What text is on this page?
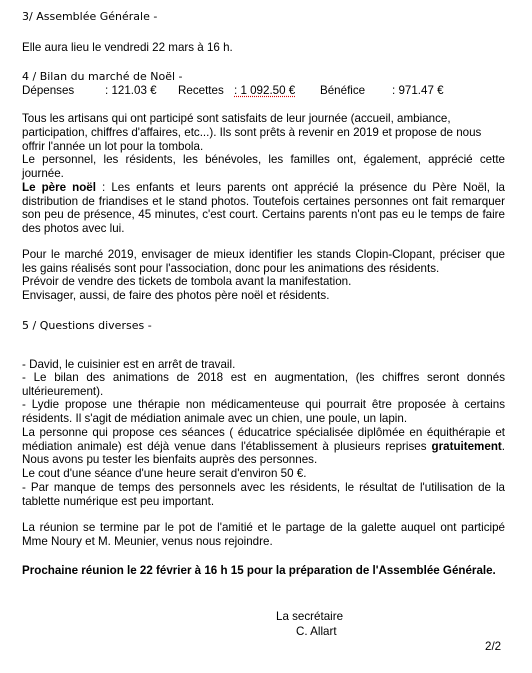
3/ Assemblée Générale -
Elle aura lieu le vendredi 22 mars à 16 h.
4 / Bilan du marché de Noël -
Dépenses	: 121.03 € Recettes : 1 092.50 € Bénéfice : 971.47 €
Tous les artisans qui ont participé sont satisfaits de leur journée (accueil, ambiance,
participation, chiffres d'affaires, etc...). Ils sont prêts à revenir en 2019 et propose de nous
offrir l'année un lot pour la tombola.
Le personnel, les résidents, les bénévoles, les familles ont, également, apprécié cette journée.

Le père noël : Les enfants et leurs parents ont apprécié la présence du Père Noël, la distribution de friandises et le stand photos. Toutefois certaines personnes ont fait remarquer son peu de présence, 45 minutes, c'est court. Certains parents n'ont pas eu le temps de faire des photos avec lui.

Pour le marché 2019, envisager de mieux identifier les stands Clopin-Clopant, préciser que les gains réalisés sont pour l'association, donc pour les animations des résidents.
Prévoir de vendre des tickets de tombola avant la manifestation.
Envisager, aussi, de faire des photos père noël et résidents.
5 / Questions diverses -
- David, le cuisinier est en arrêt de travail.
- Le bilan des animations de 2018 est en augmentation, (les chiffres seront donnés ultérieurement).
- Lydie propose une thérapie non médicamenteuse qui pourrait être proposée à certains résidents. Il s'agit de médiation animale avec un chien, une poule, un lapin.

La personne qui propose ces séances ( éducatrice spécialisée diplômée en équithérapie et médiation animale) est déjà venue dans l'établissement à plusieurs reprises gratuitement. Nous avons pu tester les bienfaits auprès des personnes.

Le cout d'une séance d'une heure serait d'environ 50 €.
- Par manque de temps des personnels avec les résidents, le résultat de l'utilisation de la tablette numérique est peu important.
La réunion se termine par le pot de l'amitié et le partage de la galette auquel ont participé Mme Noury et M. Meunier, venus nous rejoindre.
Prochaine réunion le 22 février à 16 h 15 pour la préparation de l'Assemblée Générale.
La secrétaire
C. Allart
2/2
